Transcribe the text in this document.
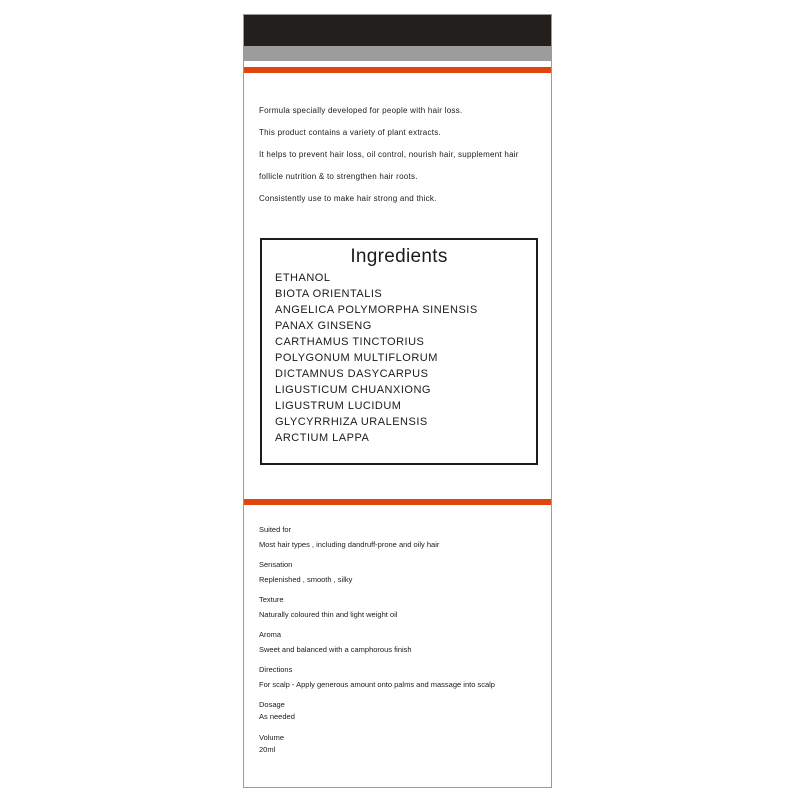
Formula specially developed for people with hair loss.
This product contains a variety of plant extracts.
It helps to prevent hair loss, oil control, nourish hair, supplement hair
follicle nutrition & to strengthen hair roots.
Consistently use to make hair strong and thick.
Ingredients
ETHANOL
BIOTA ORIENTALIS
ANGELICA POLYMORPHA SINENSIS
PANAX GINSENG
CARTHAMUS TINCTORIUS
POLYGONUM MULTIFLORUM
DICTAMNUS DASYCARPUS
LIGUSTICUM CHUANXIONG
LIGUSTRUM LUCIDUM
GLYCYRRHIZA URALENSIS
ARCTIUM LAPPA
Suited for
Most hair types , including dandruff-prone and oily hair
Sensation
Replenished , smooth , silky
Texture
Naturally coloured thin and light weight oil
Aroma
Sweet and balanced with a camphorous finish
Directions
For scalp - Apply generous amount onto palms and massage into scalp
Dosage
As needed
Volume
20ml
